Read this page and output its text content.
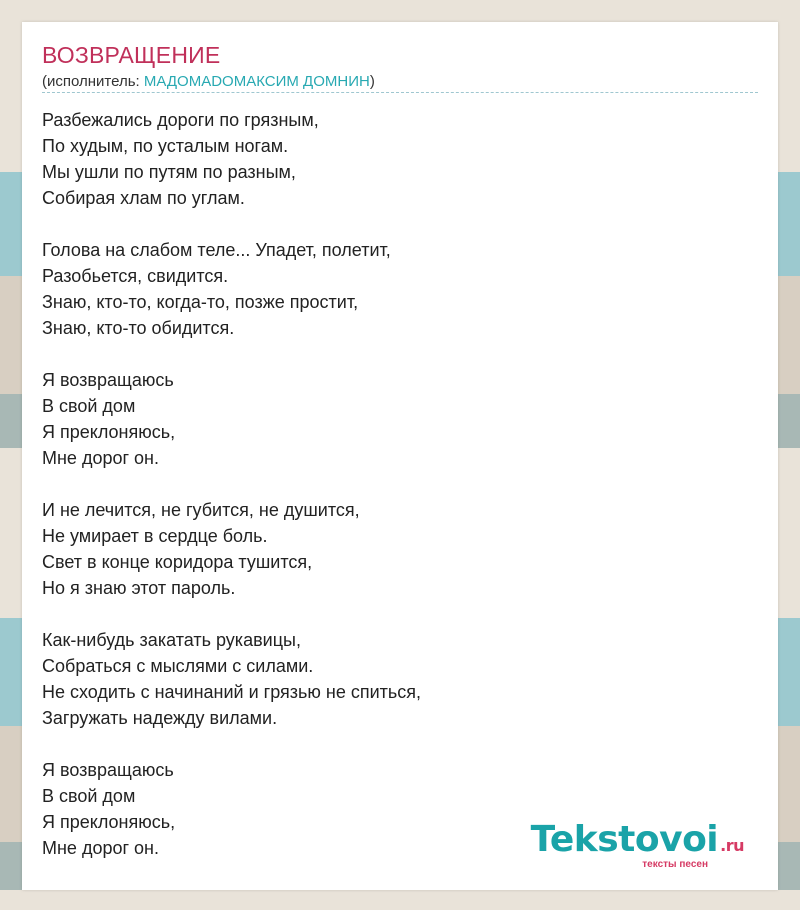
ВОЗВРАЩЕНИЕ
(исполнитель: МАДОМАDОМАКСИМ ДОМНИН)
Разбежались дороги по грязным,
По худым, по усталым ногам.
Мы ушли по путям по разным,
Собирая хлам по углам.
Голова на слабом теле... Упадет, полетит,
Разобьется, свидится.
Знаю, кто-то, когда-то, позже простит,
Знаю, кто-то обидится.
Я возвращаюсь
В свой дом
Я преклоняюсь,
Мне дорог он.
И не лечится, не губится, не душится,
Не умирает в сердце боль.
Свет в конце коридора тушится,
Но я знаю этот пароль.
Как-нибудь закатать рукавицы,
Собраться с мыслями с силами.
Не сходить с начинаний и грязью не спиться,
Загружать надежду вилами.
Я возвращаюсь
В свой дом
Я преклоняюсь,
Мне дорог он.	Tekstovoi .ru
тексты песен
